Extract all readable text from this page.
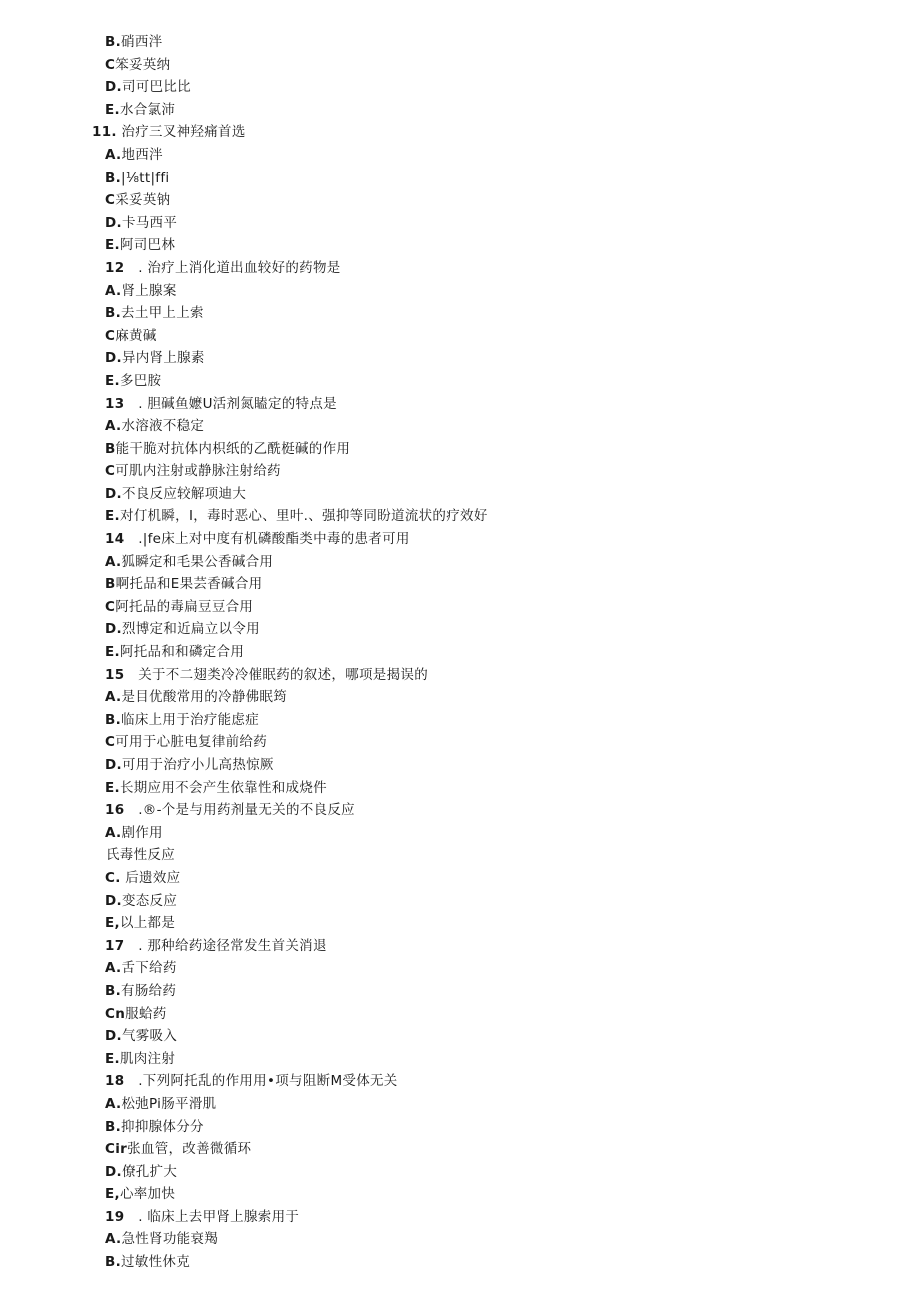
B.硝西泮
C笨妥英纳
D.司可巴比比
E.水合氯沛
11. 治疗三叉神羟痛首选
A.地西泮
B.|⅛tt|ffi
C采妥英钠
D.卡马西平
E.阿司巴林
12　. 治疗上消化道出血较好的药物是
A.肾上腺案
B.去土甲上上索
C麻黄碱
D.异内肾上腺素
E.多巴胺
13　. 胆碱鱼嬷U活剂氮瞌定的特点是
A.水溶液不稳定
B能干脆对抗体内枳纸的乙酰梃碱的作用
C可肌内注射或静脉注射给药
D.不良反应较解项迪大
E.对仃机瞬，I，毒时恶心、里叶.、强抑等同盼道流状的疗效好
14　.|fe床上对中度有机磷酸酯类中毒的患者可用
A.狐瞬定和毛果公香碱合用
B啊托品和E果芸香碱合用
C阿托品的毒扁豆豆合用
D.烈博定和近扁立以令用
E.阿托品和和磷定合用
15　关于不二翅类冷冷催眠药的叙述，哪项是揭误的
A.是目优酸常用的冷静佛眠筠
B.临床上用于治疗能虑症
C可用于心脏电复律前给药
D.可用于治疗小儿高热惊厥
E.长期应用不会产生依靠性和成烧件
16　.®-个是与用药剂量无关的不良反应
A.剧作用
氏毒性反应
C. 后遗效应
D.变态反应
E,以上都是
17　. 那种给药途径常发生首关消退
A.舌下给药
B.有肠给药
Cn服蛤药
D.气雾吸入
E.肌肉注射
18　.下列阿托乱的作用用•项与阻断M受体无关
A.松弛Pi肠平滑肌
B.抑抑腺体分分
Cir张血管，改善微循环
D.僚孔扩大
E,心率加快
19　. 临床上去甲肾上腺索用于
A.急性肾功能衰羯
B.过敏性休克
